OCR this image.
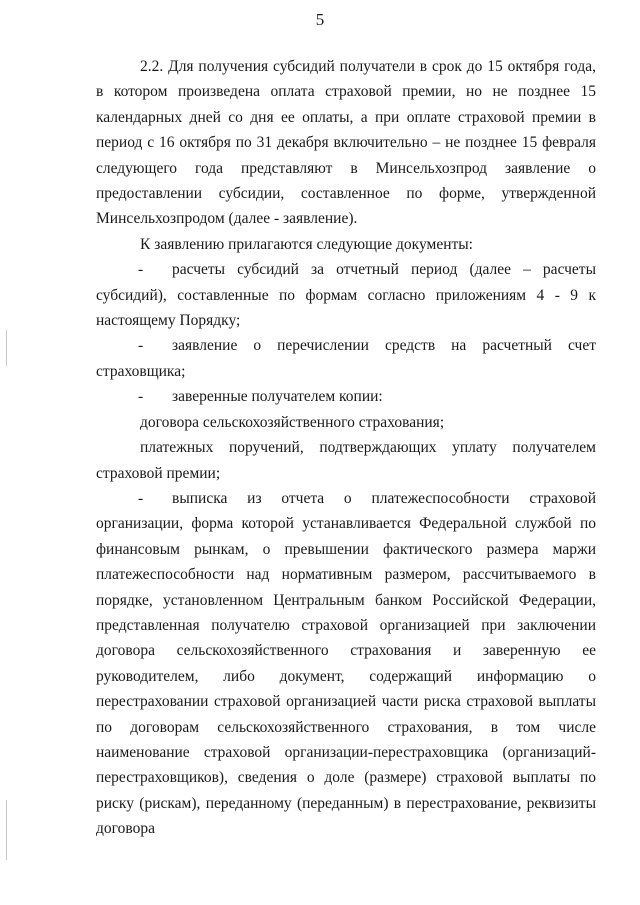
5

2.2. Для получения субсидий получатели в срок до 15 октября года, в котором произведена оплата страховой премии, но не позднее 15 календарных дней со дня ее оплаты, а при оплате страховой премии в период с 16 октября по 31 декабря включительно – не позднее 15 февраля следующего года представляют в Минсельхозпрод заявление о предоставлении субсидии, составленное по форме, утвержденной Минсельхозпродом (далее - заявление).

К заявлению прилагаются следующие документы:

- расчеты субсидий за отчетный период (далее – расчеты субсидий), составленные по формам согласно приложениям 4 - 9 к настоящему Порядку;

- заявление о перечислении средств на расчетный счет страховщика;

- заверенные получателем копии:

договора сельскохозяйственного страхования;

платежных поручений, подтверждающих уплату получателем страховой премии;

- выписка из отчета о платежеспособности страховой организации, форма которой устанавливается Федеральной службой по финансовым рынкам, о превышении фактического размера маржи платежеспособности над нормативным размером, рассчитываемого в порядке, установленном Центральным банком Российской Федерации, представленная получателю страховой организацией при заключении договора сельскохозяйственного страхования и заверенную ее руководителем, либо документ, содержащий информацию о перестраховании страховой организацией части риска страховой выплаты по договорам сельскохозяйственного страхования, в том числе наименование страховой организации-перестраховщика (организаций-перестраховщиков), сведения о доле (размере) страховой выплаты по риску (рискам), переданному (переданным) в перестрахование, реквизиты договора
